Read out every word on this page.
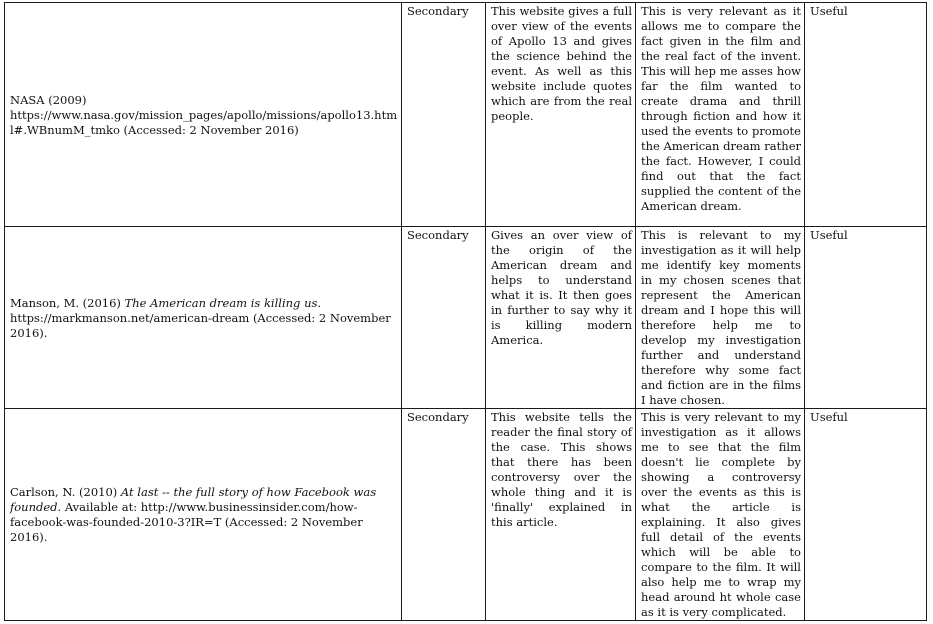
NASA (2009) https://www.nasa.gov/mission_pages/apollo/missions/apollo13.html#.WBnumM_tmko (Accessed: 2 November 2016)	Secondary	This website gives a full over view of the events of Apollo 13 and gives the science behind the event. As well as this website include quotes which are from the real people.	This is very relevant as it allows me to compare the fact given in the film and the real fact of the invent. This will hep me asses how far the film wanted to create drama and thrill through fiction and how it used the events to promote the American dream rather the fact. However, I could find out that the fact supplied the content of the American dream.	Useful
Manson, M. (2016) The American dream is killing us. https://markmanson.net/american-dream (Accessed: 2 November 2016).	Secondary	Gives an over view of the origin of the American dream and helps to understand what it is. It then goes in further to say why it is killing modern America.	This is relevant to my investigation as it will help me identify key moments in my chosen scenes that represent the American dream and I hope this will therefore help me to develop my investigation further and understand therefore why some fact and fiction are in the films I have chosen.	Useful
Carlson, N. (2010) At last -- the full story of how Facebook was founded. Available at: http://www.businessinsider.com/how-facebook-was-founded-2010-3?IR=T (Accessed: 2 November 2016).	Secondary	This website tells the reader the final story of the case. This shows that there has been controversy over the whole thing and it is 'finally' explained in this article.	This is very relevant to my investigation as it allows me to see that the film doesn't lie complete by showing a controversy over the events as this is what the article is explaining. It also gives full detail of the events which will be able to compare to the film. It will also help me to wrap my head around ht whole case as it is very complicated.	Useful
